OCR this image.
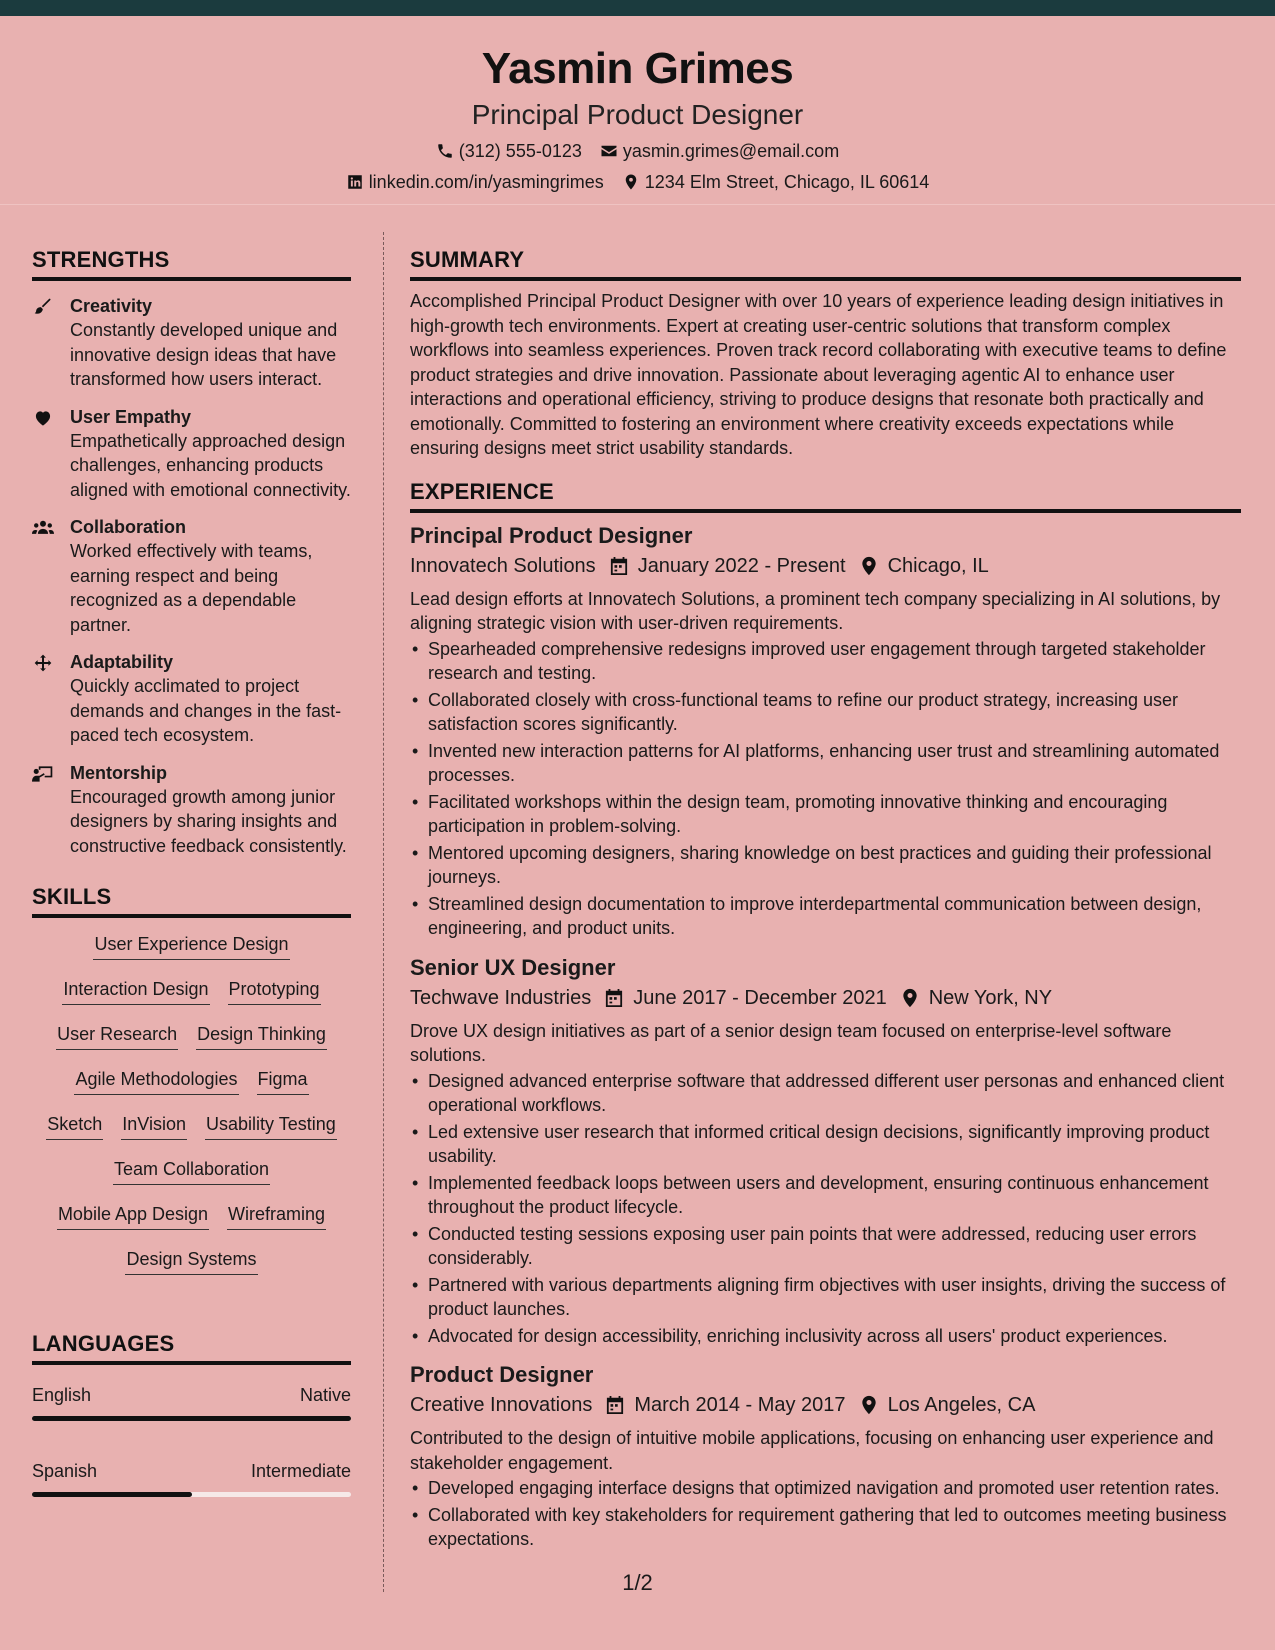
Yasmin Grimes
Principal Product Designer
(312) 555-0123 yasmin.grimes@email.com
linkedin.com/in/yasmingrimes 1234 Elm Street, Chicago, IL 60614
STRENGTHS
Creativity
Constantly developed unique and innovative design ideas that have transformed how users interact.
User Empathy
Empathetically approached design challenges, enhancing products aligned with emotional connectivity.
Collaboration
Worked effectively with teams, earning respect and being recognized as a dependable partner.
Adaptability
Quickly acclimated to project demands and changes in the fast-paced tech ecosystem.
Mentorship
Encouraged growth among junior designers by sharing insights and constructive feedback consistently.
SKILLS
User Experience Design
Interaction Design Prototyping
User Research Design Thinking
Agile Methodologies Figma
Sketch InVision Usability Testing
Team Collaboration
Mobile App Design Wireframing
Design Systems
LANGUAGES
English	Native
Spanish	Intermediate
SUMMARY

Accomplished Principal Product Designer with over 10 years of experience leading design initiatives in high-growth tech environments. Expert at creating user-centric solutions that transform complex workflows into seamless experiences. Proven track record collaborating with executive teams to define product strategies and drive innovation. Passionate about leveraging agentic AI to enhance user interactions and operational efficiency, striving to produce designs that resonate both practically and emotionally. Committed to fostering an environment where creativity exceeds expectations while ensuring designs meet strict usability standards.

EXPERIENCE
Principal Product Designer
Innovatech Solutions January 2022 - Present Chicago, IL

Lead design efforts at Innovatech Solutions, a prominent tech company specializing in AI solutions, by aligning strategic vision with user-driven requirements.

• Spearheaded comprehensive redesigns improved user engagement through targeted stakeholder research and testing.
• Collaborated closely with cross-functional teams to refine our product strategy, increasing user satisfaction scores significantly.
• Invented new interaction patterns for AI platforms, enhancing user trust and streamlining automated processes.
• Facilitated workshops within the design team, promoting innovative thinking and encouraging participation in problem-solving.
• Mentored upcoming designers, sharing knowledge on best practices and guiding their professional journeys.
• Streamlined design documentation to improve interdepartmental communication between design, engineering, and product units.
Senior UX Designer
Techwave Industries June 2017 - December 2021 New York, NY

Drove UX design initiatives as part of a senior design team focused on enterprise-level software solutions.

• Designed advanced enterprise software that addressed different user personas and enhanced client operational workflows.
• Led extensive user research that informed critical design decisions, significantly improving product usability.
• Implemented feedback loops between users and development, ensuring continuous enhancement throughout the product lifecycle.
• Conducted testing sessions exposing user pain points that were addressed, reducing user errors considerably.
• Partnered with various departments aligning firm objectives with user insights, driving the success of product launches.
• Advocated for design accessibility, enriching inclusivity across all users' product experiences.
Product Designer
Creative Innovations March 2014 - May 2017 Los Angeles, CA

Contributed to the design of intuitive mobile applications, focusing on enhancing user experience and stakeholder engagement.

• Developed engaging interface designs that optimized navigation and promoted user retention rates.
• Collaborated with key stakeholders for requirement gathering that led to outcomes meeting business expectations.
1/2
